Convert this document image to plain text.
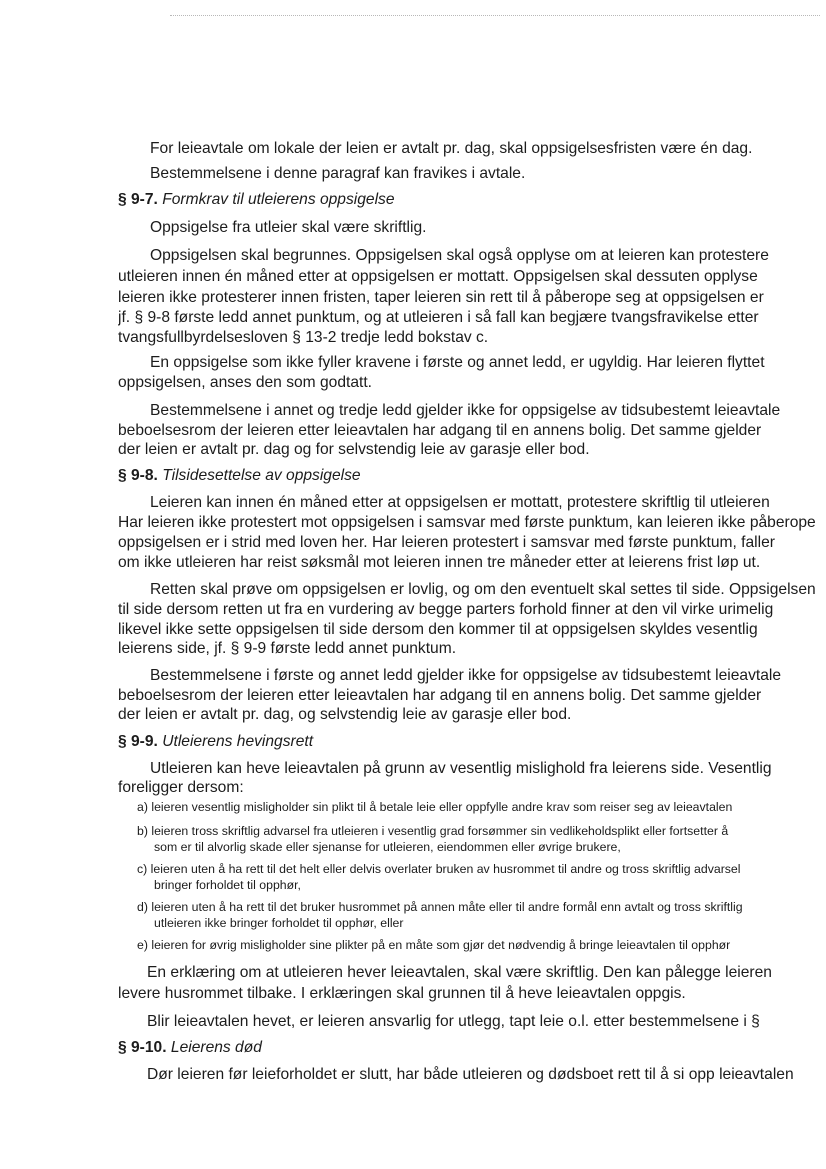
For leieavtale om lokale der leien er avtalt pr. dag, skal oppsigelsesfristen være én dag.
Bestemmelsene i denne paragraf kan fravikes i avtale.
§ 9-7. Formkrav til utleierens oppsigelse
Oppsigelse fra utleier skal være skriftlig.
Oppsigelsen skal begrunnes. Oppsigelsen skal også opplyse om at leieren kan protestere
utleieren innen én måned etter at oppsigelsen er mottatt. Oppsigelsen skal dessuten opplyse
leieren ikke protesterer innen fristen, taper leieren sin rett til å påberope seg at oppsigelsen er
jf. § 9-8 første ledd annet punktum, og at utleieren i så fall kan begjære tvangsfravikelse etter
tvangsfullbyrdelsesloven § 13-2 tredje ledd bokstav c.
En oppsigelse som ikke fyller kravene i første og annet ledd, er ugyldig. Har leieren flyttet
oppsigelsen, anses den som godtatt.
Bestemmelsene i annet og tredje ledd gjelder ikke for oppsigelse av tidsubestemt leieavtale
beboelsesrom der leieren etter leieavtalen har adgang til en annens bolig. Det samme gjelder
der leien er avtalt pr. dag og for selvstendig leie av garasje eller bod.
§ 9-8. Tilsidesettelse av oppsigelse
Leieren kan innen én måned etter at oppsigelsen er mottatt, protestere skriftlig til utleieren
Har leieren ikke protestert mot oppsigelsen i samsvar med første punktum, kan leieren ikke påberope
oppsigelsen er i strid med loven her. Har leieren protestert i samsvar med første punktum, faller
om ikke utleieren har reist søksmål mot leieren innen tre måneder etter at leierens frist løp ut.
Retten skal prøve om oppsigelsen er lovlig, og om den eventuelt skal settes til side. Oppsigelsen
til side dersom retten ut fra en vurdering av begge parters forhold finner at den vil virke urimelig
likevel ikke sette oppsigelsen til side dersom den kommer til at oppsigelsen skyldes vesentlig
leierens side, jf. § 9-9 første ledd annet punktum.
Bestemmelsene i første og annet ledd gjelder ikke for oppsigelse av tidsubestemt leieavtale
beboelsesrom der leieren etter leieavtalen har adgang til en annens bolig. Det samme gjelder
der leien er avtalt pr. dag, og selvstendig leie av garasje eller bod.
§ 9-9. Utleierens hevingsrett
Utleieren kan heve leieavtalen på grunn av vesentlig mislighold fra leierens side. Vesentlig
foreligger dersom:
a) leieren vesentlig misligholder sin plikt til å betale leie eller oppfylle andre krav som reiser seg av leieavtalen
b) leieren tross skriftlig advarsel fra utleieren i vesentlig grad forsømmer sin vedlikeholdsplikt eller fortsetter å
som er til alvorlig skade eller sjenanse for utleieren, eiendommen eller øvrige brukere,
c) leieren uten å ha rett til det helt eller delvis overlater bruken av husrommet til andre og tross skriftlig advarsel
bringer forholdet til opphør,
d) leieren uten å ha rett til det bruker husrommet på annen måte eller til andre formål enn avtalt og tross skriftlig
utleieren ikke bringer forholdet til opphør, eller
e) leieren for øvrig misligholder sine plikter på en måte som gjør det nødvendig å bringe leieavtalen til opphør
En erklæring om at utleieren hever leieavtalen, skal være skriftlig. Den kan pålegge leieren
levere husrommet tilbake. I erklæringen skal grunnen til å heve leieavtalen oppgis.
Blir leieavtalen hevet, er leieren ansvarlig for utlegg, tapt leie o.l. etter bestemmelsene i §
§ 9-10. Leierens død
Dør leieren før leieforholdet er slutt, har både utleieren og dødsboet rett til å si opp leieavtalen
